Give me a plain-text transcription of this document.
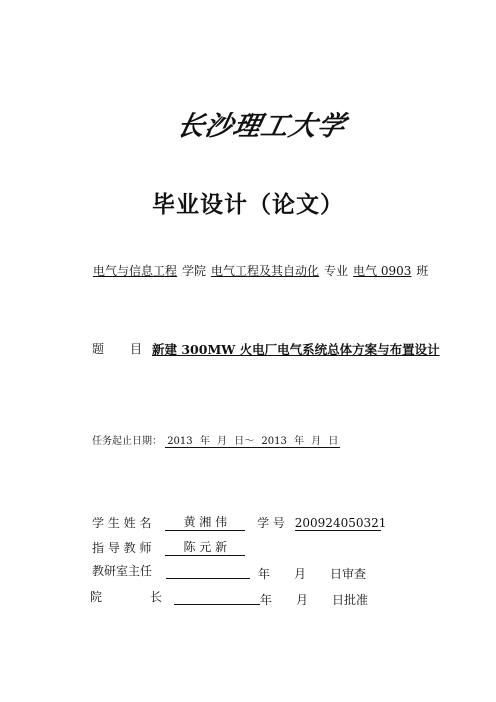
长沙理工大学
毕业设计（论文）
电气与信息工程 学院 电气工程及其自动化 专业 电气 0903 班
题目
新建 300MW 火电厂电气系统总体方案与布置设计
任务起止日期： 2013 年 月 日～ 2013 年 月 日
学 生 姓 名	黄 湘 伟	学 号 200924050321
指 导 教 师	陈 元 新
教研室主任	年　　月　　日审查
院　　　　长	年　　月　　日批准
